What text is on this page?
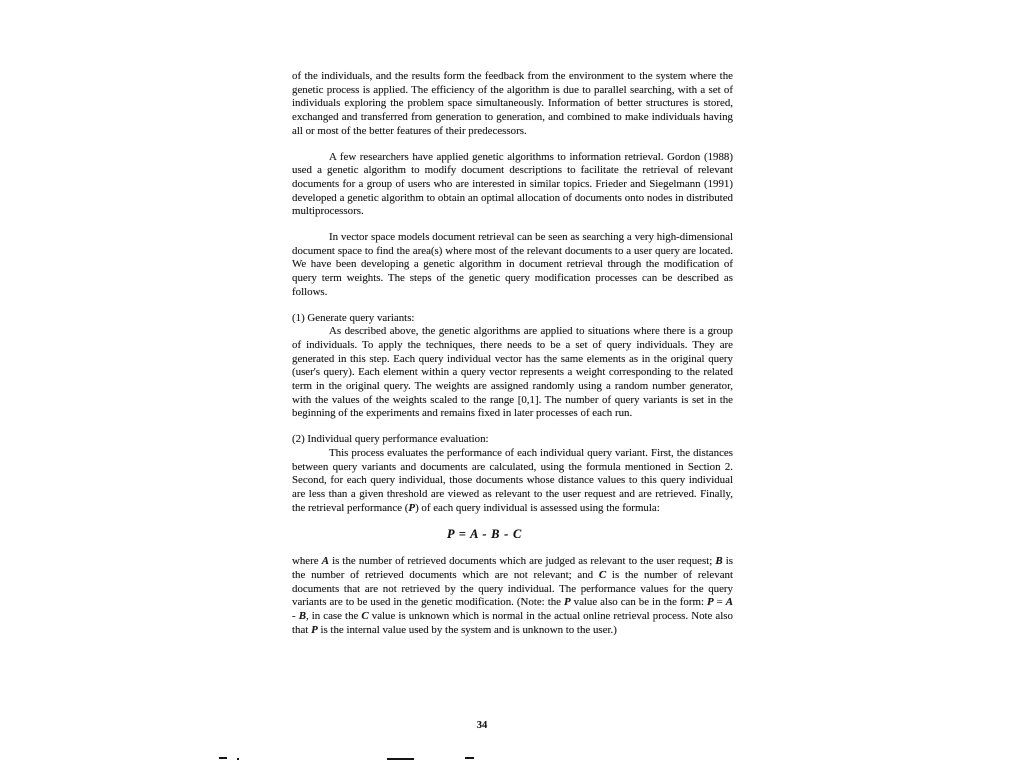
of the individuals, and the results form the feedback from the environment to the system where the genetic process is applied. The efficiency of the algorithm is due to parallel searching, with a set of individuals exploring the problem space simultaneously. Information of better structures is stored, exchanged and transferred from generation to generation, and combined to make individuals having all or most of the better features of their predecessors.

A few researchers have applied genetic algorithms to information retrieval. Gordon (1988) used a genetic algorithm to modify document descriptions to facilitate the retrieval of relevant documents for a group of users who are interested in similar topics. Frieder and Siegelmann (1991) developed a genetic algorithm to obtain an optimal allocation of documents onto nodes in distributed multiprocessors.

In vector space models document retrieval can be seen as searching a very high-dimensional document space to find the area(s) where most of the relevant documents to a user query are located. We have been developing a genetic algorithm in document retrieval through the modification of query term weights. The steps of the genetic query modification processes can be described as follows.

(1) Generate query variants:

As described above, the genetic algorithms are applied to situations where there is a group of individuals. To apply the techniques, there needs to be a set of query individuals. They are generated in this step. Each query individual vector has the same elements as in the original query (user's query). Each element within a query vector represents a weight corresponding to the related term in the original query. The weights are assigned randomly using a random number generator, with the values of the weights scaled to the range [0,1]. The number of query variants is set in the beginning of the experiments and remains fixed in later processes of each run.

(2) Individual query performance evaluation:

This process evaluates the performance of each individual query variant. First, the distances between query variants and documents are calculated, using the formula mentioned in Section 2. Second, for each query individual, those documents whose distance values to this query individual are less than a given threshold are viewed as relevant to the user request and are retrieved. Finally, the retrieval performance (P) of each query individual is assessed using the formula:

P = A - B - C

where A is the number of retrieved documents which are judged as relevant to the user request; B is the number of retrieved documents which are not relevant; and C is the number of relevant documents that are not retrieved by the query individual. The performance values for the query variants are to be used in the genetic modification. (Note: the P value also can be in the form: P = A - B, in case the C value is unknown which is normal in the actual online retrieval process. Note also that P is the internal value used by the system and is unknown to the user.)

34
